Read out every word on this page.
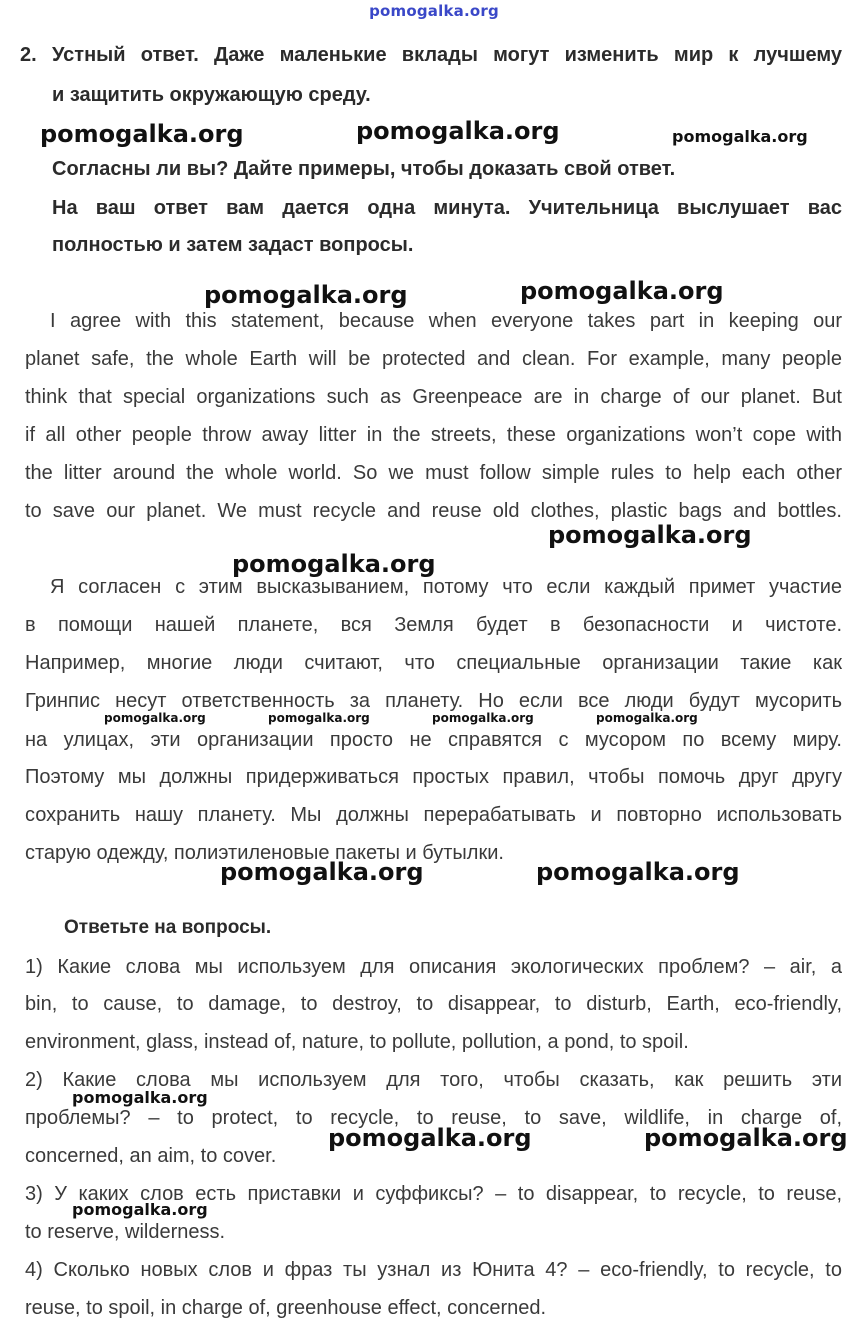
pomogalka.org
2. Устный ответ. Даже маленькие вклады могут изменить мир к лучшему
и защитить окружающую среду.
pomogalka.org	pomogalka.org	pomogalka.org
Согласны ли вы? Дайте примеры, чтобы доказать свой ответ.
На ваш ответ вам дается одна минута. Учительница выслушает вас
полностью и затем задаст вопросы.
pomogalka.org	pomogalka.org
I agree with this statement, because when everyone takes part in keeping our
planet safe, the whole Earth will be protected and clean. For example, many people
think that special organizations such as Greenpeace are in charge of our planet. But
if all other people throw away litter in the streets, these organizations won’t cope with
the litter around the whole world. So we must follow simple rules to help each other
to save our planet. We must recycle and reuse old clothes, plastic bags and bottles.
pomogalka.org
pomogalka.org
Я согласен с этим высказыванием, потому что если каждый примет участие
в помощи нашей планете, вся Земля будет в безопасности и чистоте.
Например, многие люди считают, что специальные организации такие как
Гринпис несут ответственность за планету. Но если все люди будут мусорить
pomogalka.org	pomogalka.org	pomogalka.org	pomogalka.org
на улицах, эти организации просто не справятся с мусором по всему миру.
Поэтому мы должны придерживаться простых правил, чтобы помочь друг другу
сохранить нашу планету. Мы должны перерабатывать и повторно использовать
старую одежду, полиэтиленовые пакеты и бутылки.
pomogalka.org	pomogalka.org
Ответьте на вопросы.
1) Какие слова мы используем для описания экологических проблем? – air, a
bin, to cause, to damage, to destroy, to disappear, to disturb, Earth, eco-friendly,
environment, glass, instead of, nature, to pollute, pollution, a pond, to spoil.
2) Какие слова мы используем для того, чтобы сказать, как решить эти
pomogalka.org
проблемы? – to protect, to recycle, to reuse, to save, wildlife, in charge of,
pomogalka.org	pomogalka.org
concerned, an aim, to cover.
3) У каких слов есть приставки и суффиксы? – to disappear, to recycle, to reuse,
pomogalka.org
to reserve, wilderness.
4) Сколько новых слов и фраз ты узнал из Юнита 4? – eco-friendly, to recycle, to
reuse, to spoil, in charge of, greenhouse effect, concerned.
